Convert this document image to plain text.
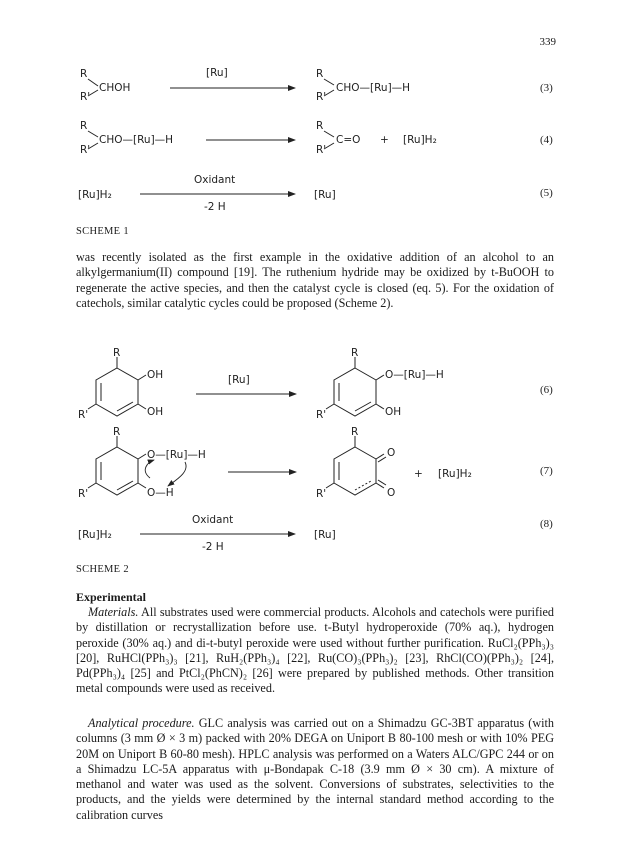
339
R
R'
CHOH
[Ru]	R
R'
CHO—[Ru]—H	(3)
R
R'
CHO—[Ru]—H
R
R'
C=O + [Ru]H₂	(4)
[Ru]H₂
Oxidant
-2 H
[Ru]	(5)
R
R'
OH
OH
[Ru]
R
R'
O—[Ru]—H
OH
(6)
R
R'
O—[Ru]—H
O—H
R
R'
O
O
+ [Ru]H₂	(7)
[Ru]H₂
Oxidant
-2 H
[Ru]
(8)
SCHEME 1

was recently isolated as the first example in the oxidative addition of an alcohol to an alkylgermanium(II) compound [19]. The ruthenium hydride may be oxidized by t-BuOOH to regenerate the active species, and then the catalyst cycle is closed (eq. 5). For the oxidation of catechols, similar catalytic cycles could be proposed (Scheme 2).

SCHEME 2
Experimental

Materials. All substrates used were commercial products. Alcohols and catechols were purified by distillation or recrystallization before use. t-Butyl hydroperoxide (70% aq.), hydrogen peroxide (30% aq.) and di-t-butyl peroxide were used without further purification. RuCl₂(PPh₃)₃ [20], RuHCl(PPh₃)₃ [21], RuH₂(PPh₃)₄ [22], Ru(CO)₃(PPh₃)₂ [23], RhCl(CO)(PPh₃)₂ [24], Pd(PPh₃)₄ [25] and PtCl₂(PhCN)₂ [26] were prepared by published methods. Other transition metal compounds were used as received.

Analytical procedure. GLC analysis was carried out on a Shimadzu GC-3BT apparatus (with columns (3 mm Ø × 3 m) packed with 20% DEGA on Uniport B 80-100 mesh or with 10% PEG 20M on Uniport B 60-80 mesh). HPLC analysis was performed on a Waters ALC/GPC 244 or on a Shimadzu LC-5A apparatus with μ-Bondapak C-18 (3.9 mm Ø × 30 cm). A mixture of methanol and water was used as the solvent. Conversions of substrates, selectivities to the products, and the yields were determined by the internal standard method according to the calibration curves
